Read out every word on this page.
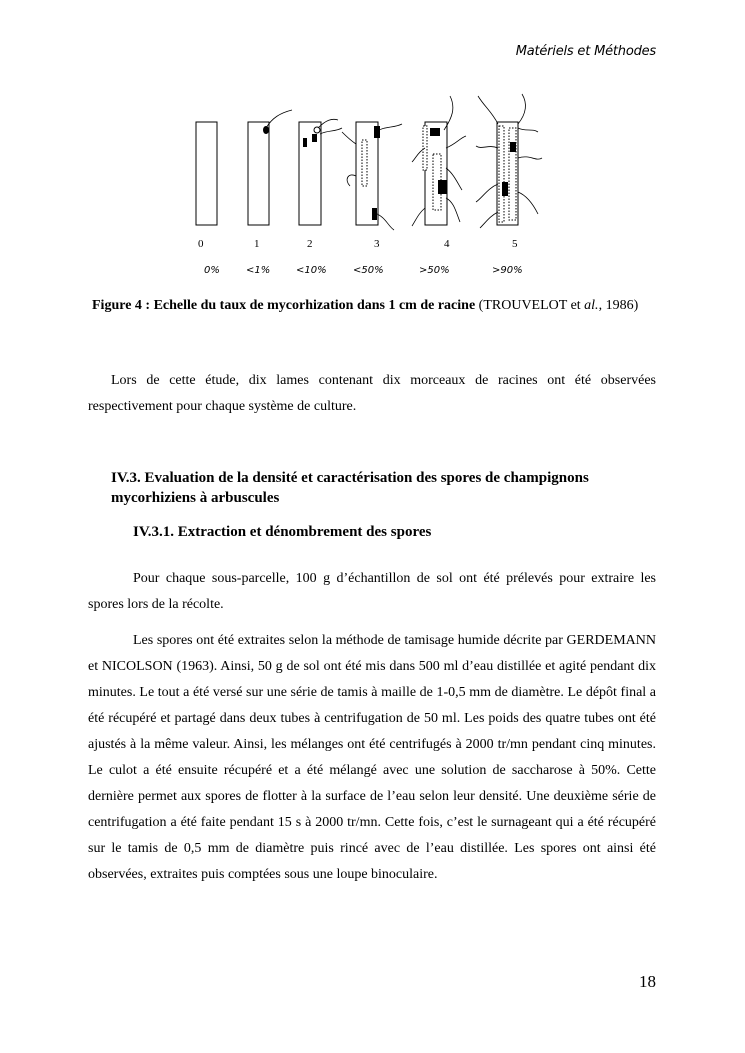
Matériels et Méthodes
0	1	2	3	4	5
0%	<1%	<10%	<50%	>50%	>90%
Figure 4 : Echelle du taux de mycorhization dans 1 cm de racine (TROUVELOT et al., 1986)
Lors de cette étude, dix lames contenant dix morceaux de racines ont été observées respectivement pour chaque système de culture.
IV.3. Evaluation de la densité et caractérisation des spores de champignons mycorhiziens à arbuscules
IV.3.1. Extraction et dénombrement des spores
Pour chaque sous-parcelle, 100 g d’échantillon de sol ont été prélevés pour extraire les spores lors de la récolte.
Les spores ont été extraites selon la méthode de tamisage humide décrite par GERDEMANN et NICOLSON (1963). Ainsi, 50 g de sol ont été mis dans 500 ml d’eau distillée et agité pendant dix minutes. Le tout a été versé sur une série de tamis à maille de 1-0,5 mm de diamètre. Le dépôt final a été récupéré et partagé dans deux tubes à centrifugation de 50 ml. Les poids des quatre tubes ont été ajustés à la même valeur. Ainsi, les mélanges ont été centrifugés à 2000 tr/mn pendant cinq minutes. Le culot a été ensuite récupéré et a été mélangé avec une solution de saccharose à 50%. Cette dernière permet aux spores de flotter à la surface de l’eau selon leur densité. Une deuxième série de centrifugation a été faite pendant 15 s à 2000 tr/mn. Cette fois, c’est le surnageant qui a été récupéré sur le tamis de 0,5 mm de diamètre puis rincé avec de l’eau distillée. Les spores ont ainsi été observées, extraites puis comptées sous une loupe binoculaire.
18
